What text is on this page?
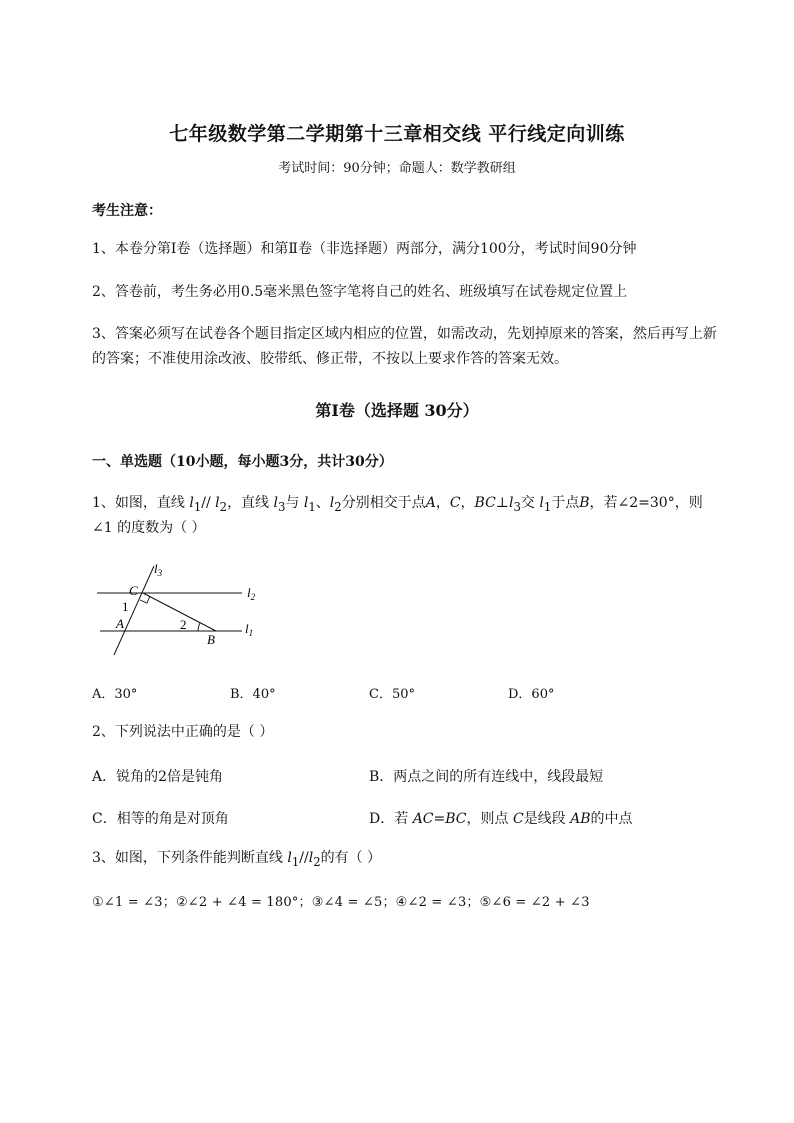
七年级数学第二学期第十三章相交线 平行线定向训练
考试时间：90分钟；命题人：数学教研组
考生注意：
1、本卷分第I卷（选择题）和第Ⅱ卷（非选择题）两部分，满分100分，考试时间90分钟
2、答卷前，考生务必用0.5毫米黑色签字笔将自己的姓名、班级填写在试卷规定位置上
3、答案必须写在试卷各个题目指定区域内相应的位置，如需改动，先划掉原来的答案，然后再写上新
的答案；不准使用涂改液、胶带纸、修正带，不按以上要求作答的答案无效。
第I卷（选择题 30分）
一、单选题（10小题，每小题3分，共计30分）
1、如图，直线 $l_1//$ $l_2$，直线 $l_3$与 $l_1$、$l_2$分别相交于点A，C，$BC\perp l_3$交 $l_1$于点B，若∠2=30°，则
∠1 的度数为（ ）
$l_3$
$l_2$
$l_1$
C
A
B
1
2
A．30°	B．40°	C．50°	D．60°
2、下列说法中正确的是（ ）
A．锐角的2倍是钝角	B．两点之间的所有连线中，线段最短
C．相等的角是对顶角	D．若 AC=BC，则点 C是线段 AB的中点
3、如图，下列条件能判断直线 $l_1//l_2$的有（ ）
①∠1 = ∠3；②∠2 + ∠4 = 180°；③∠4 = ∠5；④∠2 = ∠3；⑤∠6 = ∠2 + ∠3
